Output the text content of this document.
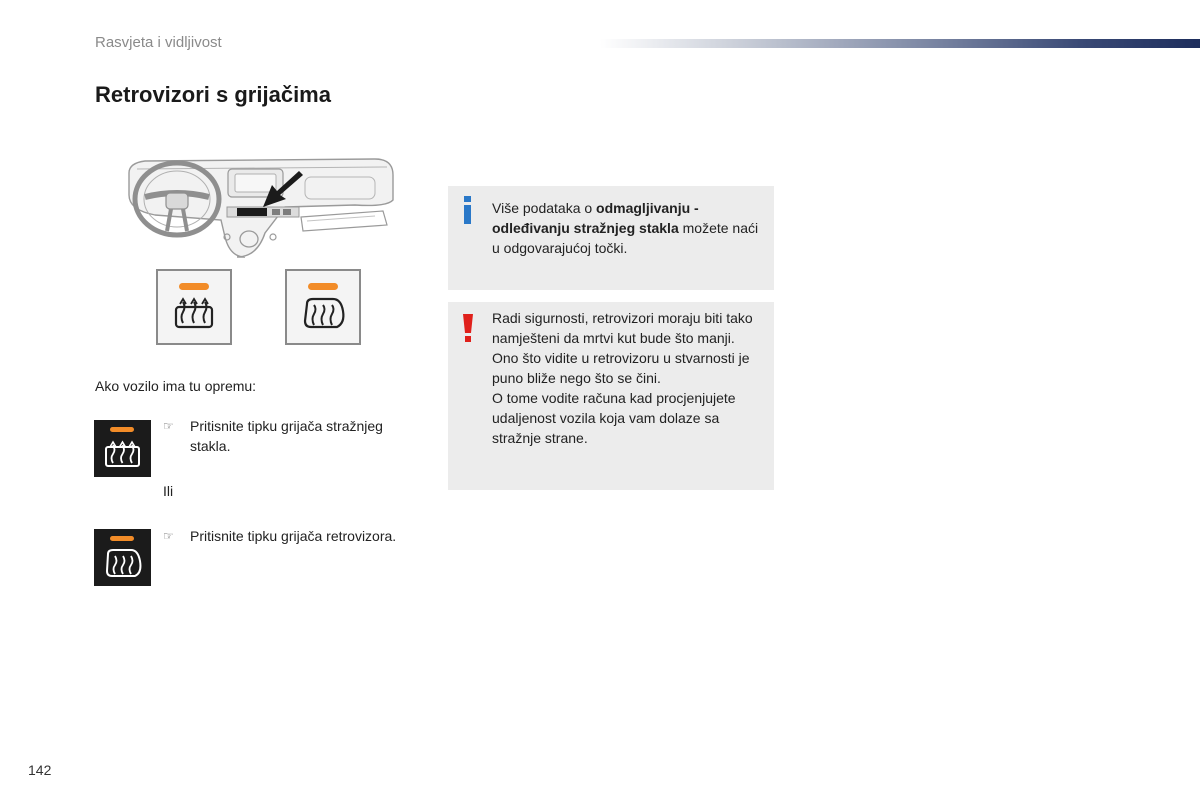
Rasvjeta i vidljivost
Retrovizori s grijačima
Ako vozilo ima tu opremu:
☞ Pritisnite tipku grijača stražnjeg stakla.
Ili
☞ Pritisnite tipku grijača retrovizora.
Više podataka o odmagljivanju - odleđivanju stražnjeg stakla možete naći u odgovarajućoj točki.
Radi sigurnosti, retrovizori moraju biti tako namješteni da mrtvi kut bude što manji.
Ono što vidite u retrovizoru u stvarnosti je puno bliže nego što se čini.
O tome vodite računa kad procjenjujete udaljenost vozila koja vam dolaze sa stražnje strane.
142
